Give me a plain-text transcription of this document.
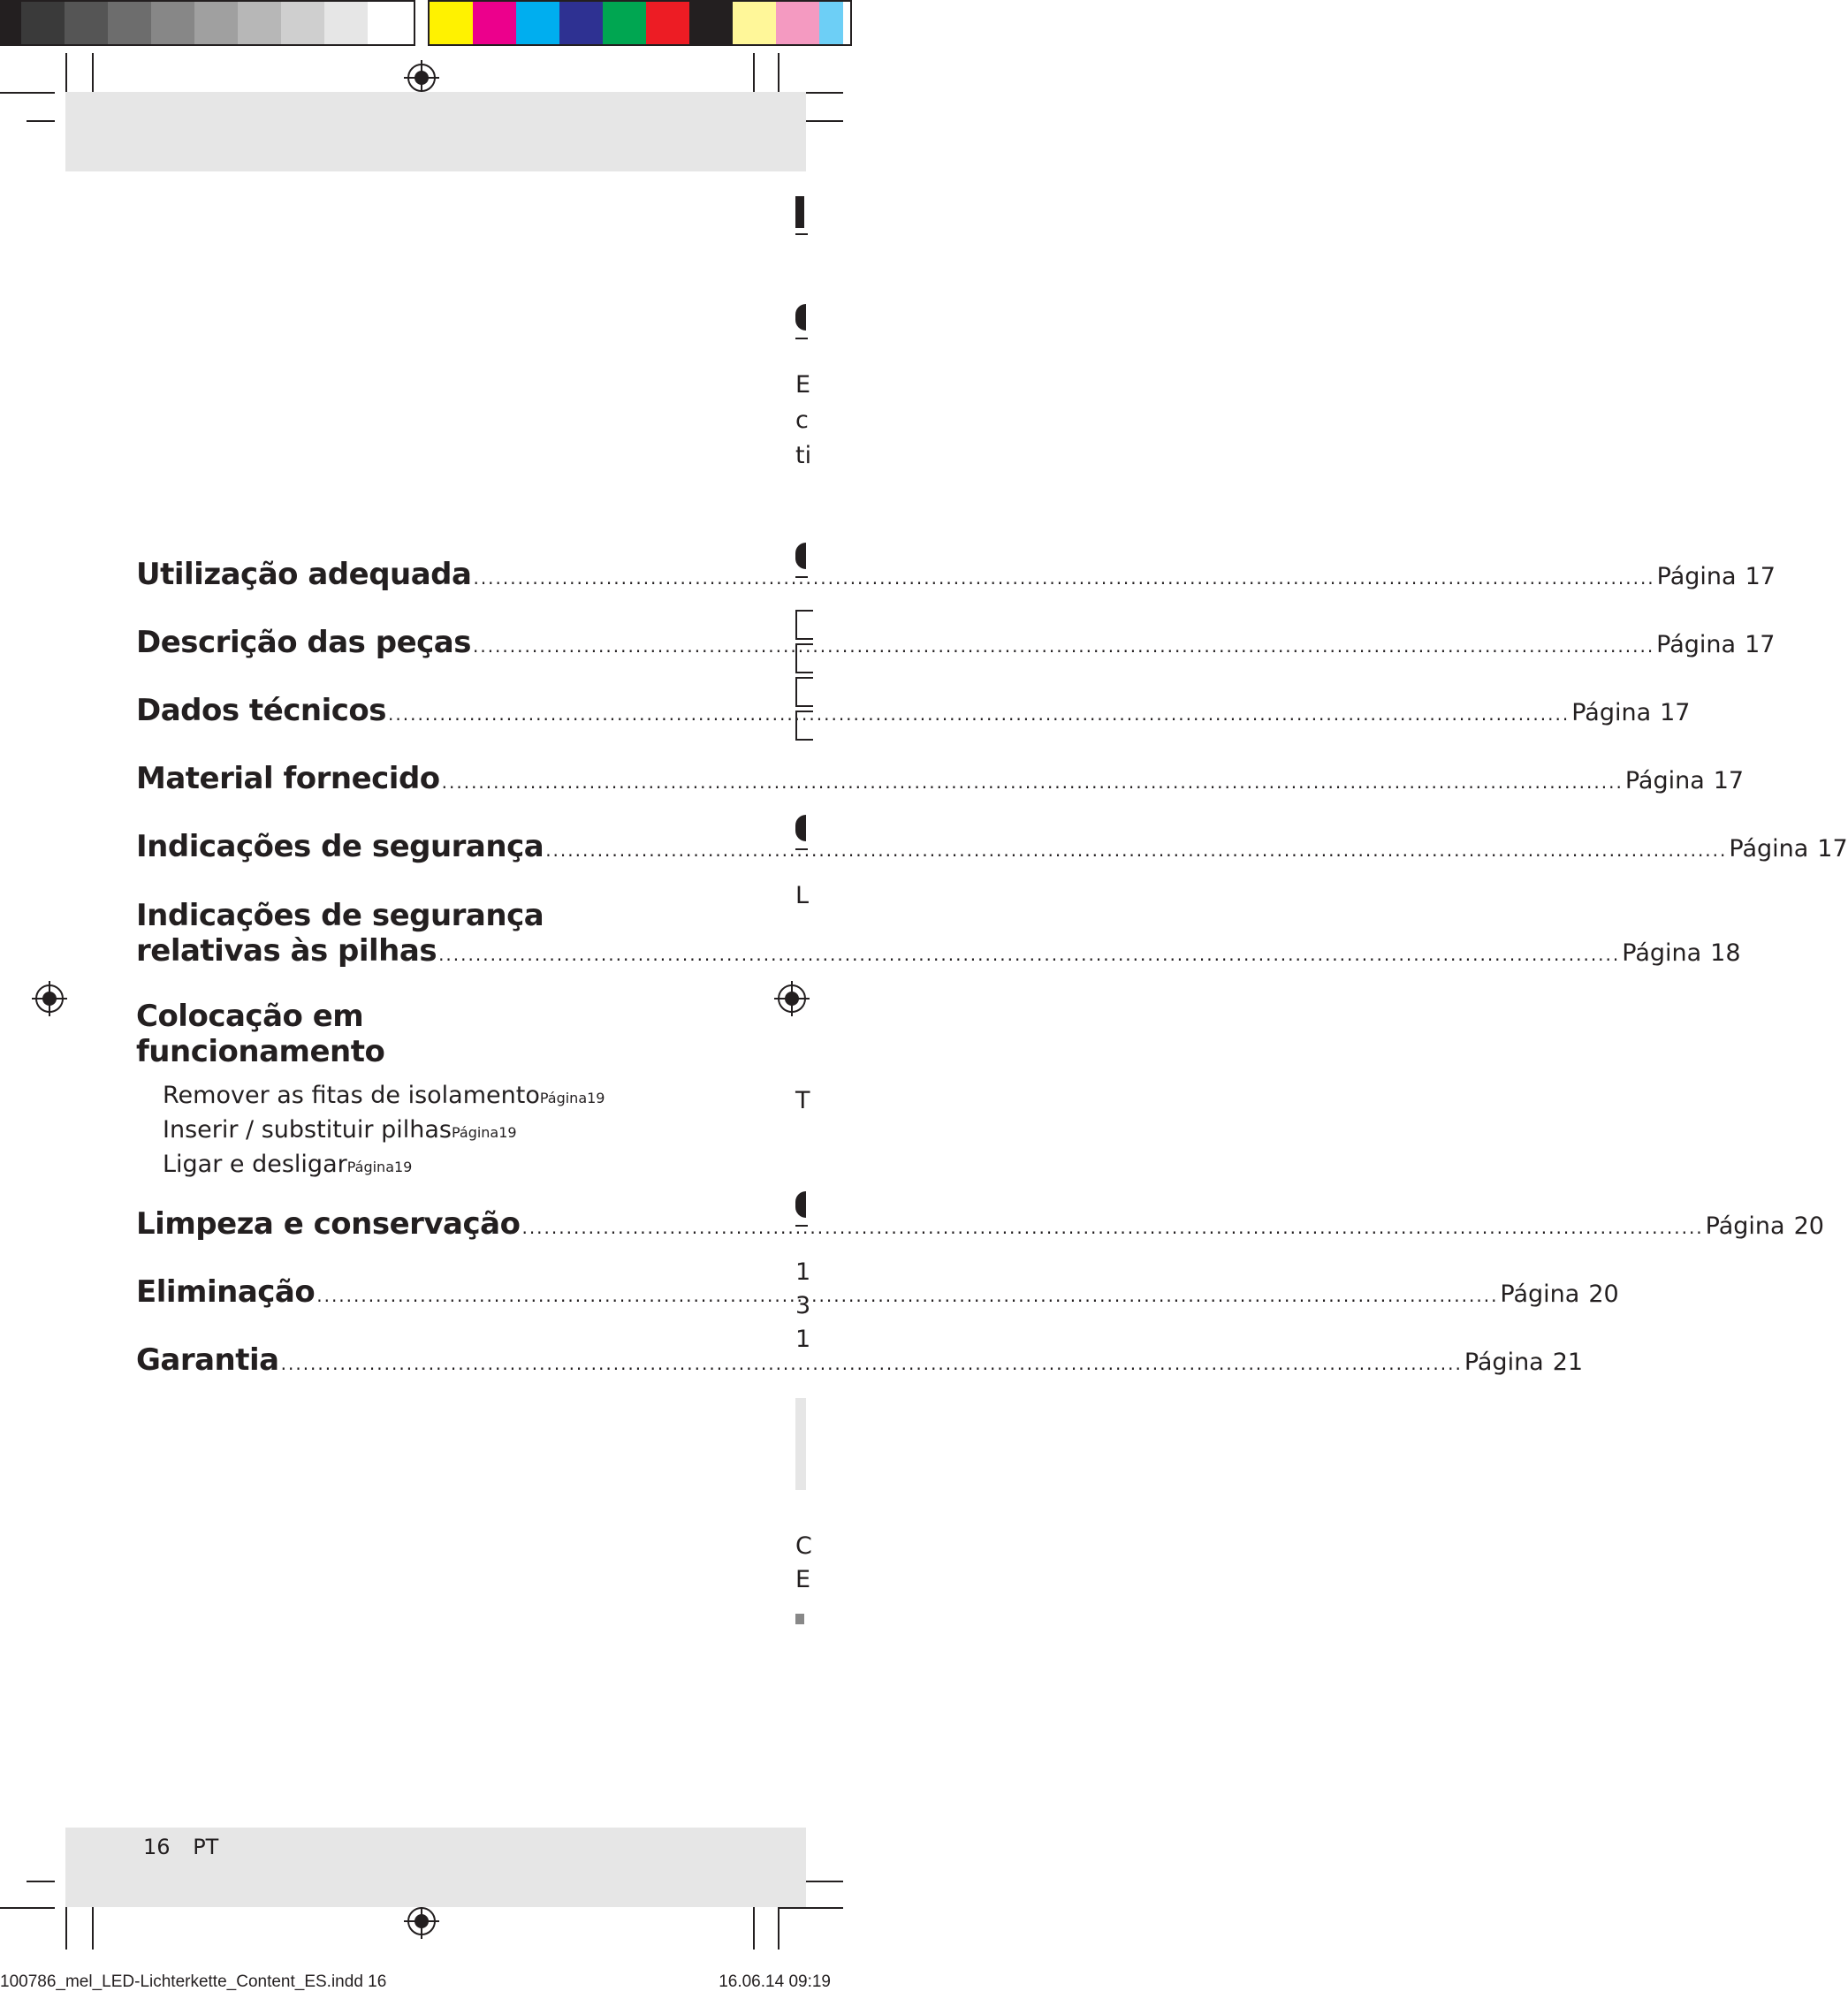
Utilização adequada .....	Página 17
Descrição das peças .....	Página 17
Dados técnicos .....	Página 17
Material fornecido .....	Página 17
Indicações de segurança .....	Página 17
Indicações de segurança
relativas às pilhas .....	Página 18
Colocação em
funcionamento
Remover as fitas de isolamento Página 19
Inserir / substituir pilhas Página 19
Ligar e desligar Página 19
Limpeza e conservação .....	Página 20
Eliminação .....	Página 20
Garantia .....	Página 21
E
c
ti
L
T
1
3
1
C
E
16 PT
100786_mel_LED-Lichterkette_Content_ES.indd 16	16.06.14 09:19
